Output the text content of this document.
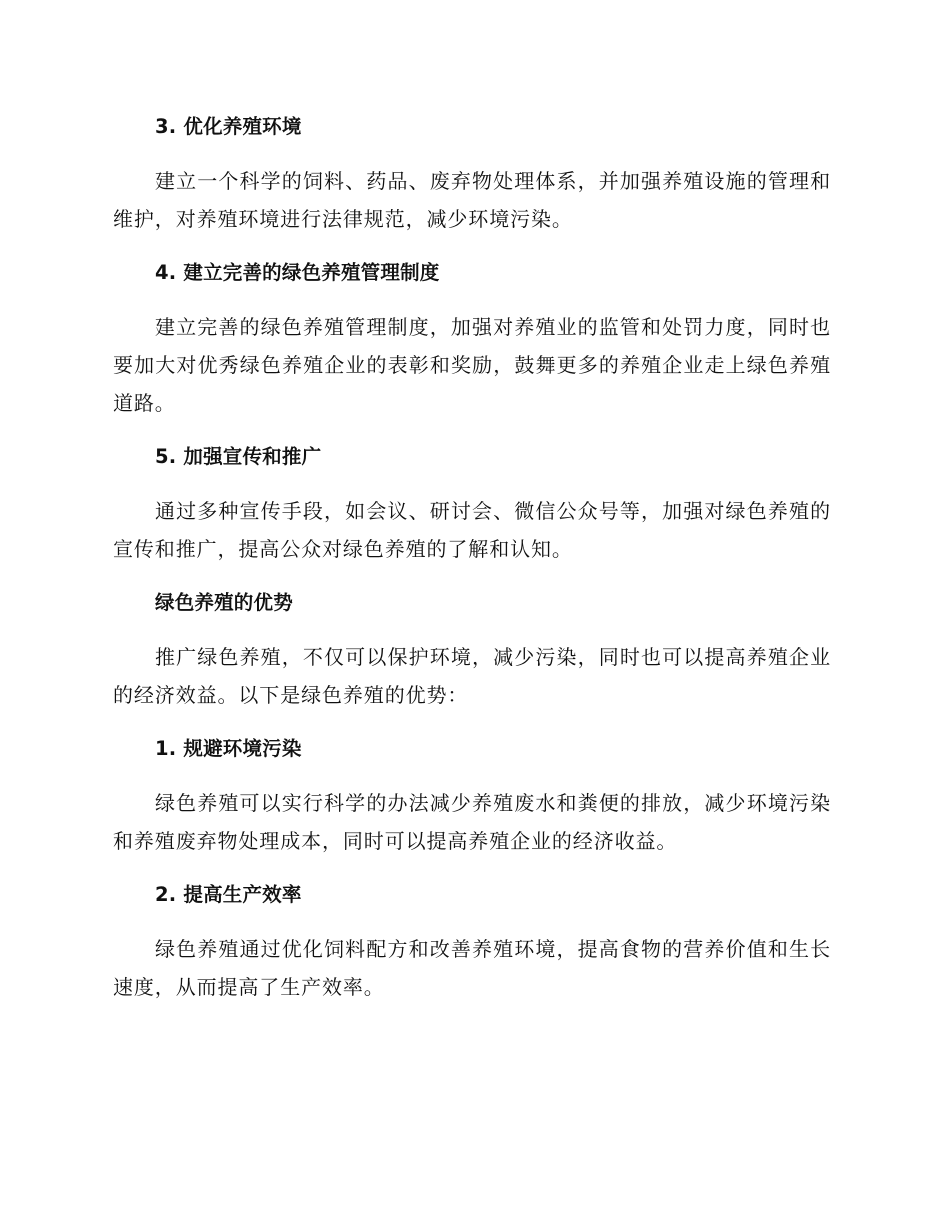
3. 优化养殖环境

建立一个科学的饲料、药品、废弃物处理体系，并加强养殖设施的管理和维护，对养殖环境进行法律规范，减少环境污染。

4. 建立完善的绿色养殖管理制度

建立完善的绿色养殖管理制度，加强对养殖业的监管和处罚力度，同时也要加大对优秀绿色养殖企业的表彰和奖励，鼓舞更多的养殖企业走上绿色养殖道路。

5. 加强宣传和推广

通过多种宣传手段，如会议、研讨会、微信公众号等，加强对绿色养殖的宣传和推广，提高公众对绿色养殖的了解和认知。

绿色养殖的优势

推广绿色养殖，不仅可以保护环境，减少污染，同时也可以提高养殖企业的经济效益。以下是绿色养殖的优势：

1. 规避环境污染

绿色养殖可以实行科学的办法减少养殖废水和粪便的排放，减少环境污染和养殖废弃物处理成本，同时可以提高养殖企业的经济收益。

2. 提高生产效率

绿色养殖通过优化饲料配方和改善养殖环境，提高食物的营养价值和生长速度，从而提高了生产效率。
